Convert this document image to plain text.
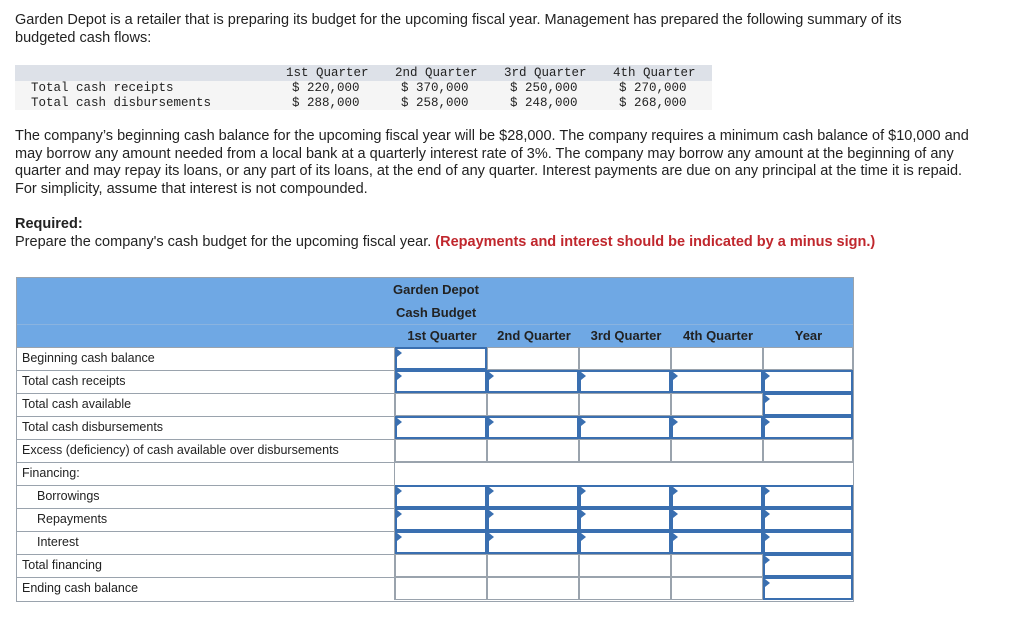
Garden Depot is a retailer that is preparing its budget for the upcoming fiscal year. Management has prepared the following summary of its budgeted cash flows:
1st Quarter 2nd Quarter 3rd Quarter 4th Quarter
Total cash receipts	$ 220,000	$ 370,000	$ 250,000	$ 270,000
Total cash disbursements	$ 288,000	$ 258,000	$ 248,000	$ 268,000
The company’s beginning cash balance for the upcoming fiscal year will be $28,000. The company requires a minimum cash balance of $10,000 and may borrow any amount needed from a local bank at a quarterly interest rate of 3%. The company may borrow any amount at the beginning of any quarter and may repay its loans, or any part of its loans, at the end of any quarter. Interest payments are due on any principal at the time it is repaid. For simplicity, assume that interest is not compounded.
Required:
Prepare the company's cash budget for the upcoming fiscal year. (Repayments and interest should be indicated by a minus sign.)
Garden Depot
Cash Budget
1st Quarter	2nd Quarter	3rd Quarter	4th Quarter	Year
Beginning cash balance
Total cash receipts
Total cash available
Total cash disbursements
Excess (deficiency) of cash available over disbursements
Financing:
Borrowings
Repayments
Interest
Total financing
Ending cash balance
